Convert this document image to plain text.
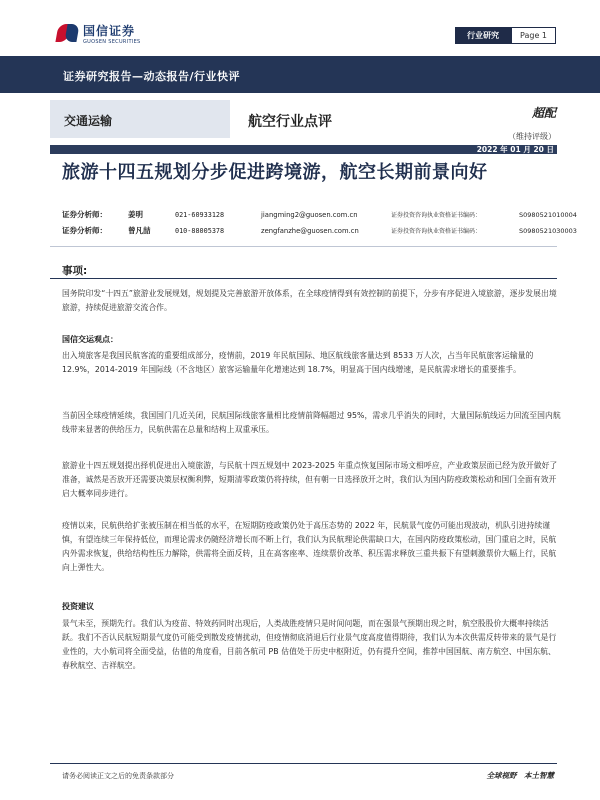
国信证券
GUOSEN SECURITIES
行业研究	Page 1
证券研究报告—动态报告/行业快评
交通运输	航空行业点评
超配
（维持评级）
2022 年 01 月 20 日
旅游十四五规划分步促进跨境游，航空长期前景向好
证券分析师：	姜明	021-60933128	jiangming2@guosen.com.cn	证券投资咨询执业资格证书编码：	S0980521010004
证券分析师：	曾凡喆	010-88005378	zengfanzhe@guosen.com.cn	证券投资咨询执业资格证书编码：	S0980521030003
事项:
国务院印发“十四五”旅游业发展规划，规划提及完善旅游开放体系，在全球疫情得到有效控制的前提下，分步有序促进入境旅游，逐步发展出境旅游，持续促进旅游交流合作。
国信交运观点：
出入境旅客是我国民航客流的重要组成部分，疫情前，2019 年民航国际、地区航线旅客量达到 8533 万人次，占当年民航旅客运输量的 12.9%，2014-2019 年国际线（不含地区）旅客运输量年化增速达到 18.7%，明显高于国内线增速，是民航需求增长的重要推手。
当前因全球疫情延续，我国国门几近关闭，民航国际线旅客量相比疫情前降幅超过 95%，需求几乎消失的同时，大量国际航线运力回流至国内航线带来显著的供给压力，民航供需在总量和结构上双重承压。
旅游业十四五规划提出择机促进出入境旅游，与民航十四五规划中 2023-2025 年重点恢复国际市场文相呼应，产业政策层面已经为放开做好了准备，诚然是否放开还需要决策层权衡利弊，短期清零政策仍将持续，但有朝一日选择放开之时，我们认为国内防疫政策松动和国门全面有效开启大概率同步进行。
疫情以来，民航供给扩张被压制在相当低的水平，在短期防疫政策仍处于高压态势的 2022 年，民航景气度仍可能出现波动，机队引进持续谨慎，有望连续三年保持低位，而理论需求仍随经济增长而不断上行，我们认为民航理论供需缺口大，在国内防疫政策松动，国门重启之时，民航内外需求恢复，供给结构性压力解除，供需将全面反转，且在高客座率、连续票价改革、积压需求释放三重共振下有望刺激票价大幅上行，民航向上弹性大。
投资建议
景气未至，预期先行。我们认为疫苗、特效药同时出现后，人类战胜疫情只是时间问题，而在强景气预期出现之时，航空股股价大概率持续活跃。我们不否认民航短期景气度仍可能受到散发疫情扰动，但疫情彻底消退后行业景气度高度值得期待，我们认为本次供需反转带来的景气是行业性的，大小航司将全面受益，估值的角度看，目前各航司 PB 估值处于历史中枢附近，仍有提升空间，推荐中国国航、南方航空、中国东航、春秋航空、吉祥航空。
请务必阅读正文之后的免责条款部分	全球视野　本土智慧
